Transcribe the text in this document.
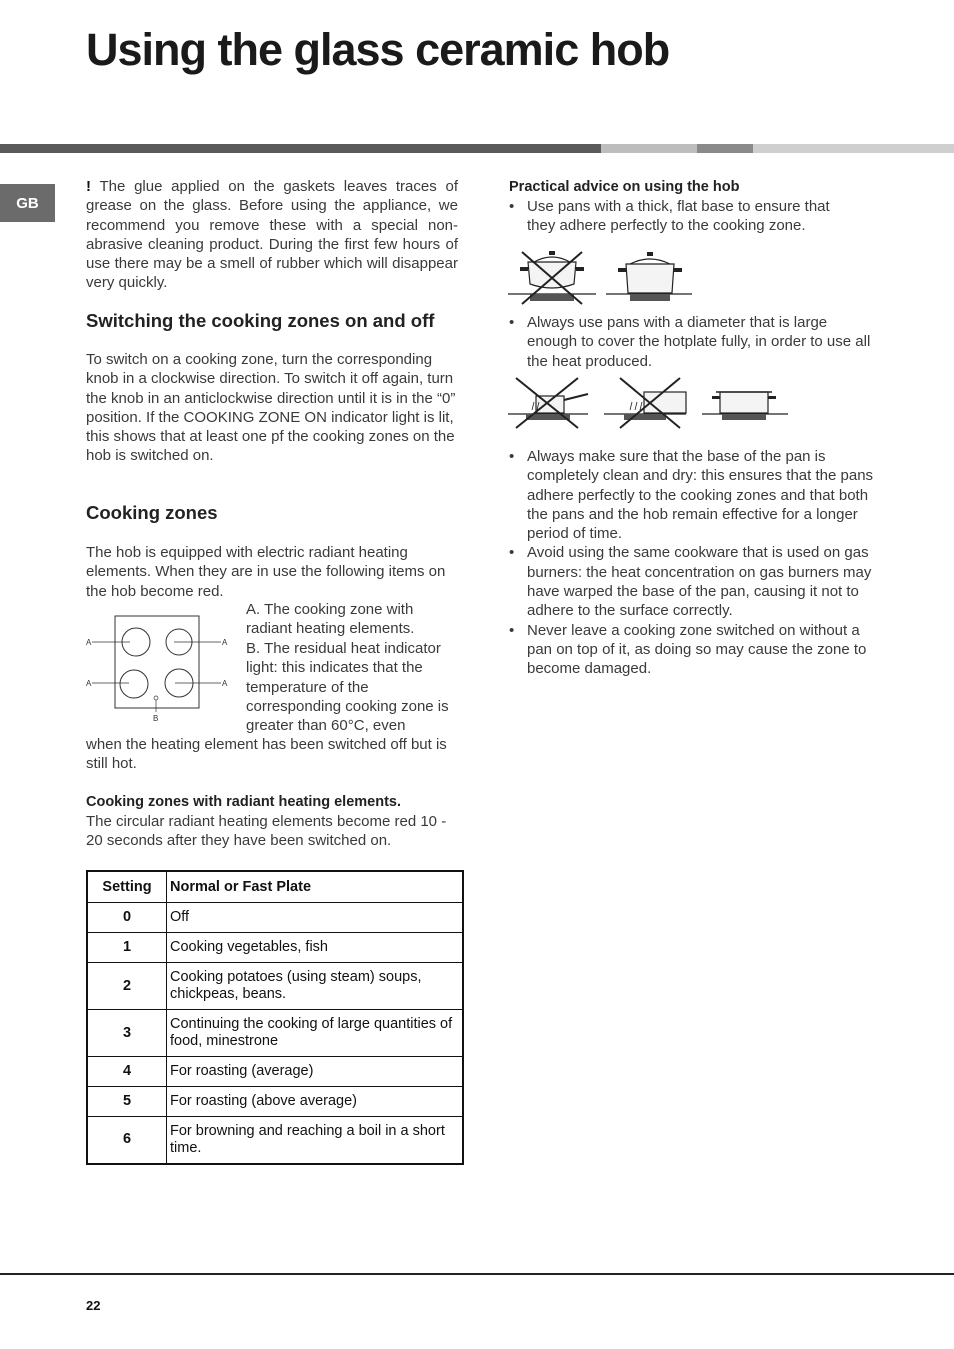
Using the glass ceramic hob
GB

! The glue applied on the gaskets leaves traces of grease on the glass. Before using the appliance, we recommend you remove these with a special non-abrasive cleaning product. During the first few hours of use there may be a smell of rubber which will disappear very quickly.

Switching the cooking zones on and off

To switch on a cooking zone, turn the corresponding knob in a clockwise direction. To switch it off again, turn the knob in an anticlockwise direction until it is in the “0” position. If the COOKING ZONE ON indicator light is lit, this shows that at least one pf the cooking zones on the hob is switched on.

Cooking zones

The hob is equipped with electric radiant heating elements. When they are in use the following items on the hob become red.

A	A
A	A
B

A. The cooking zone with radiant heating elements.

B. The residual heat indicator light: this indicates that the temperature of the corresponding cooking zone is greater than 60°C, even

when the heating element has been switched off but is still hot.

Cooking zones with radiant heating elements.

The circular radiant heating elements become red 10 - 20 seconds after they have been switched on.

Setting	Normal or Fast Plate
0	Off
1	Cooking vegetables, fish
2	Cooking potatoes (using steam) soups, chickpeas, beans.
3	Continuing the cooking of large quantities of food, minestrone
4	For roasting (average)
5	For roasting (above average)
6	For browning and reaching a boil in a short time.
Practical advice on using the hob
• Use pans with a thick, flat base to ensure that they adhere perfectly to the cooking zone.
• Always use pans with a diameter that is large enough to cover the hotplate fully, in order to use all the heat produced.
• Always make sure that the base of the pan is completely clean and dry: this ensures that the pans adhere perfectly to the cooking zones and that both the pans and the hob remain effective for a longer period of time.
• Avoid using the same cookware that is used on gas burners: the heat concentration on gas burners may have warped the base of the pan, causing it not to adhere to the surface correctly.
• Never leave a cooking zone switched on without a pan on top of it, as doing so may cause the zone to become damaged.
22
